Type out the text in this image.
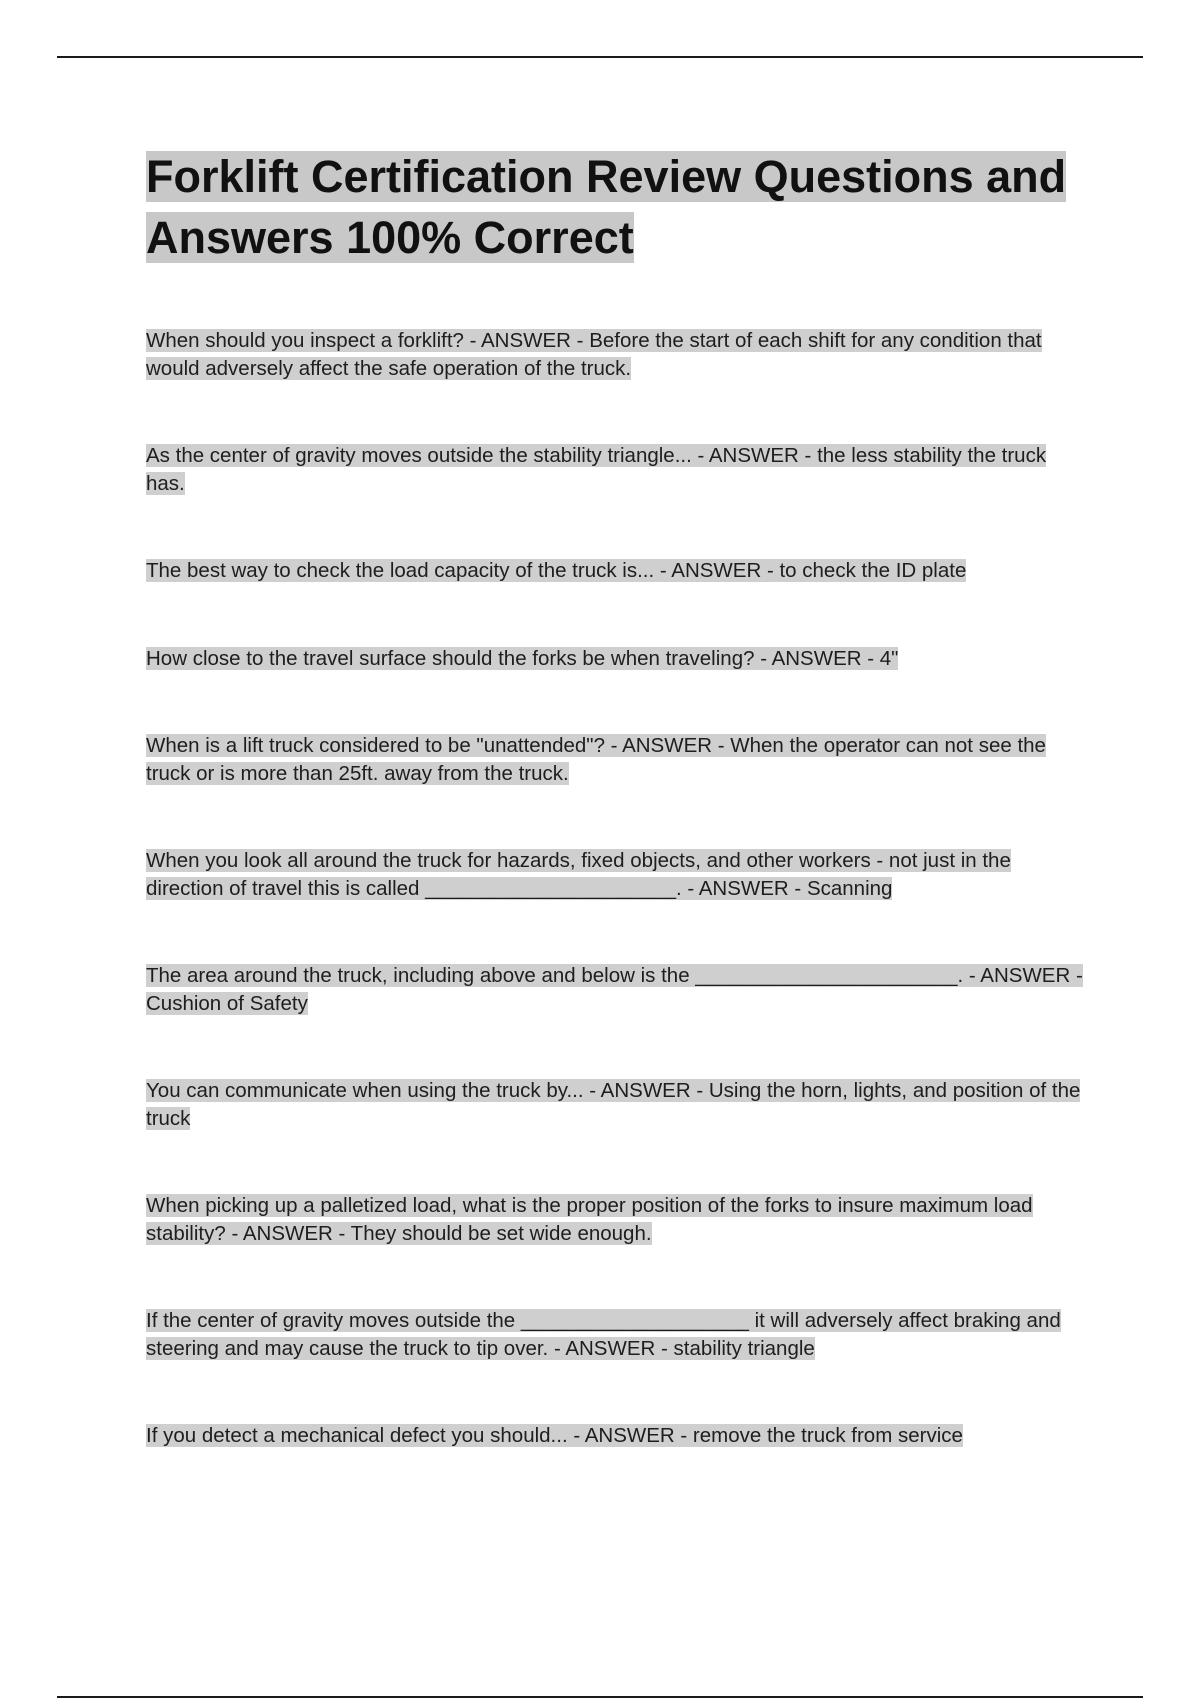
Forklift Certification Review Questions and Answers 100% Correct

When should you inspect a forklift? - ANSWER - Before the start of each shift for any condition that would adversely affect the safe operation of the truck.

As the center of gravity moves outside the stability triangle... - ANSWER - the less stability the truck has.

The best way to check the load capacity of the truck is... - ANSWER - to check the ID plate

How close to the travel surface should the forks be when traveling? - ANSWER - 4"

When is a lift truck considered to be "unattended"? - ANSWER - When the operator can not see the truck or is more than 25ft. away from the truck.

When you look all around the truck for hazards, fixed objects, and other workers - not just in the direction of travel this is called ______________________. - ANSWER - Scanning

The area around the truck, including above and below is the _______________________. - ANSWER - Cushion of Safety

You can communicate when using the truck by... - ANSWER - Using the horn, lights, and position of the truck

When picking up a palletized load, what is the proper position of the forks to insure maximum load stability? - ANSWER - They should be set wide enough.

If the center of gravity moves outside the ____________________ it will adversely affect braking and steering and may cause the truck to tip over. - ANSWER - stability triangle

If you detect a mechanical defect you should... - ANSWER - remove the truck from service
